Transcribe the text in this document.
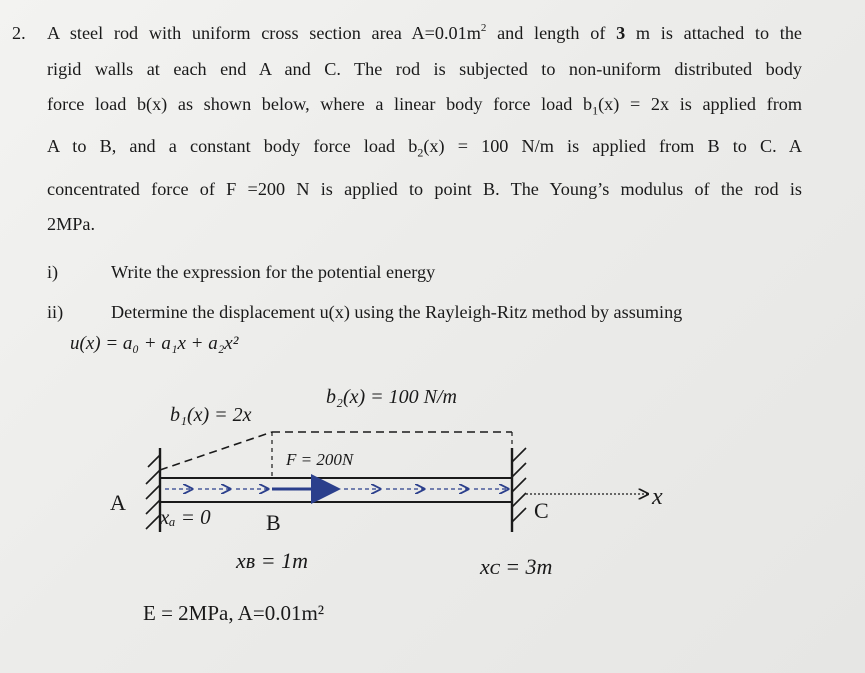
2. A steel rod with uniform cross section area $A=0.01m^2$ and length of 3 m is attached to the
rigid walls at each end A and C. The rod is subjected to non-uniform distributed body
force load b(x) as shown below, where a linear body force load $b_1(x) = 2x$ is applied from
A to B, and a constant body force load $b_2(x) = 100$ N/m is applied from B to C. A
concentrated force of F =200 N is applied to point B. The Young’s modulus of the rod is
2MPa.
i)	Write the expression for the potential energy
ii)	Determine the displacement u(x) using the Rayleigh-Ritz method by assuming
u(x) = a₀ + a₁x + a₂x²
b₁(x) = 2x
b₂(x) = 100 N/m
F = 200N
A
B	C
x
xₐ = 0
xʙ = 1m	xᴄ = 3m
E = 2MPa, A=0.01m²
